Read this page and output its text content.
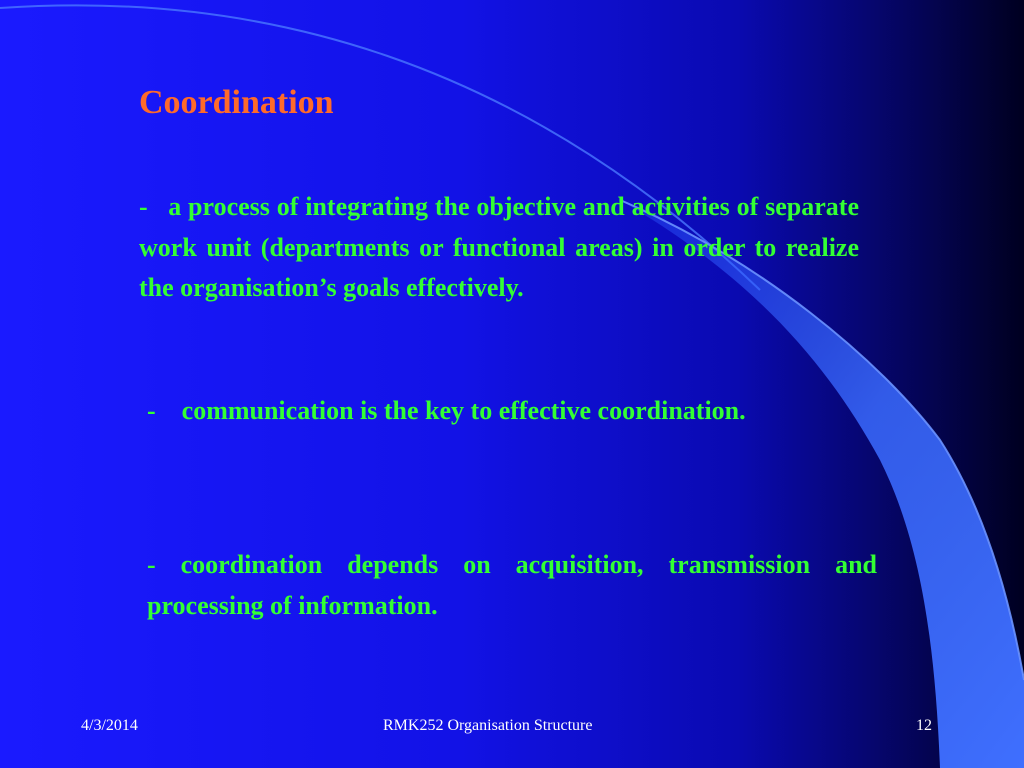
Coordination

-   a process of integrating the objective and activities of separate work unit (departments or functional areas) in order to realize the organisation’s goals effectively.

-    communication is the key to effective coordination.

- coordination depends on acquisition, transmission and processing of information.

4/3/2014	RMK252 Organisation Structure	12
